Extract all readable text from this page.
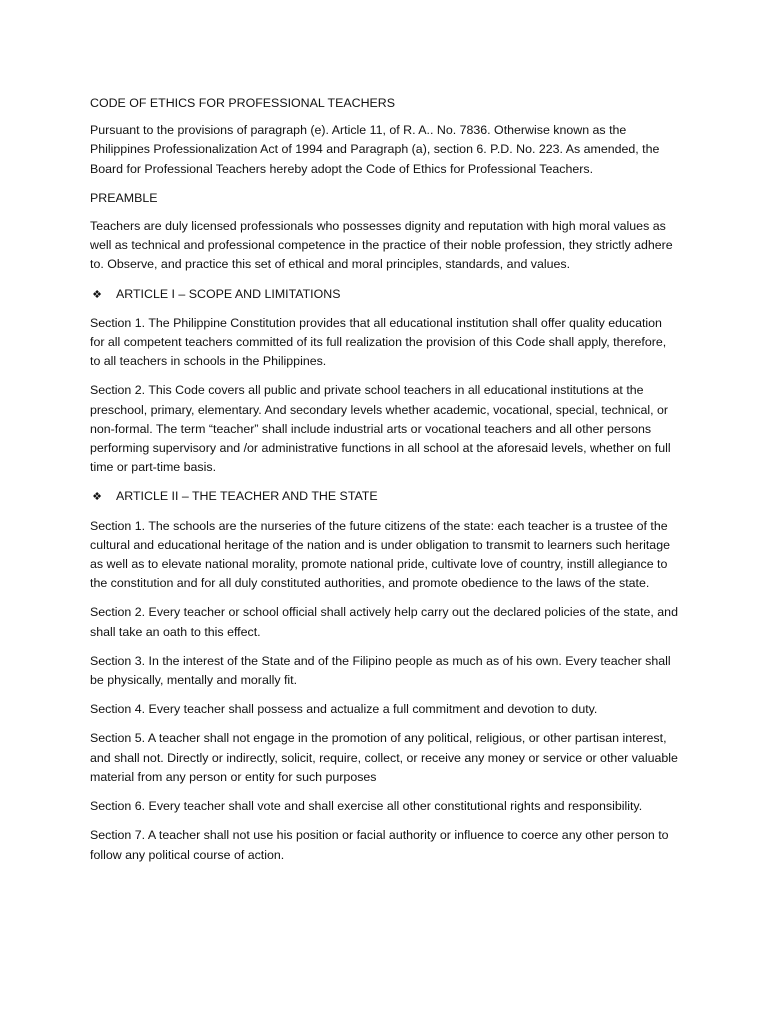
CODE OF ETHICS FOR PROFESSIONAL TEACHERS

Pursuant to the provisions of paragraph (e). Article 11, of R. A.. No. 7836. Otherwise known as the Philippines Professionalization Act of 1994 and Paragraph (a), section 6. P.D. No. 223. As amended, the Board for Professional Teachers hereby adopt the Code of Ethics for Professional Teachers.

PREAMBLE

Teachers are duly licensed professionals who possesses dignity and reputation with high moral values as well as technical and professional competence in the practice of their noble profession, they strictly adhere to. Observe, and practice this set of ethical and moral principles, standards, and values.

❖ ARTICLE I – SCOPE AND LIMITATIONS

Section 1. The Philippine Constitution provides that all educational institution shall offer quality education for all competent teachers committed of its full realization the provision of this Code shall apply, therefore, to all teachers in schools in the Philippines.

Section 2. This Code covers all public and private school teachers in all educational institutions at the preschool, primary, elementary. And secondary levels whether academic, vocational, special, technical, or non-formal. The term “teacher” shall include industrial arts or vocational teachers and all other persons performing supervisory and /or administrative functions in all school at the aforesaid levels, whether on full time or part-time basis.

❖ ARTICLE II – THE TEACHER AND THE STATE

Section 1. The schools are the nurseries of the future citizens of the state: each teacher is a trustee of the cultural and educational heritage of the nation and is under obligation to transmit to learners such heritage as well as to elevate national morality, promote national pride, cultivate love of country, instill allegiance to the constitution and for all duly constituted authorities, and promote obedience to the laws of the state.

Section 2. Every teacher or school official shall actively help carry out the declared policies of the state, and shall take an oath to this effect.

Section 3. In the interest of the State and of the Filipino people as much as of his own. Every teacher shall be physically, mentally and morally fit.

Section 4. Every teacher shall possess and actualize a full commitment and devotion to duty.

Section 5. A teacher shall not engage in the promotion of any political, religious, or other partisan interest, and shall not. Directly or indirectly, solicit, require, collect, or receive any money or service or other valuable material from any person or entity for such purposes

Section 6. Every teacher shall vote and shall exercise all other constitutional rights and responsibility.

Section 7. A teacher shall not use his position or facial authority or influence to coerce any other person to follow any political course of action.
